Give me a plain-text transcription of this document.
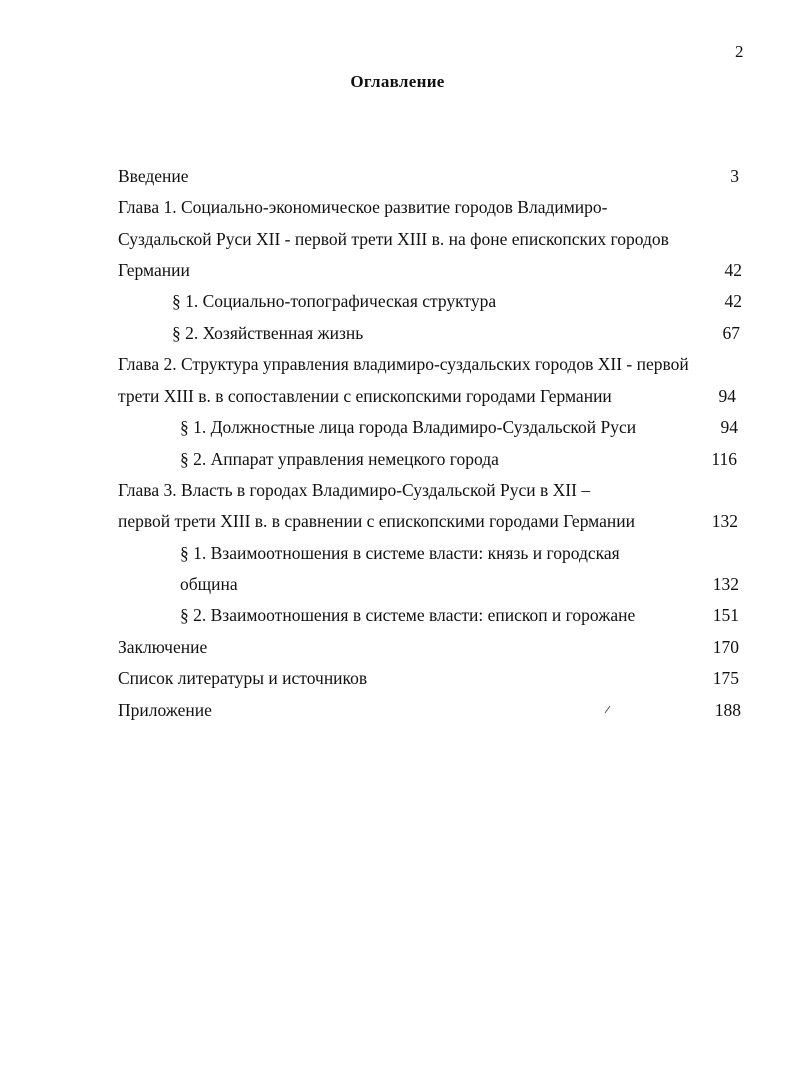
2
Оглавление
Введение	3
Глава 1. Социально-экономическое развитие городов Владимиро-
Суздальской Руси XII - первой трети XIII в. на фоне епископских городов
Германии	42
§ 1. Социально-топографическая структура	42
§ 2. Хозяйственная жизнь	67
Глава 2. Структура управления владимиро-суздальских городов XII - первой
трети XIII в. в сопоставлении с епископскими городами Германии	94
§ 1. Должностные лица города Владимиро-Суздальской Руси	94
§ 2. Аппарат управления немецкого города	116
Глава 3. Власть в городах Владимиро-Суздальской Руси в XII –
первой трети XIII в. в сравнении с епископскими городами Германии	132
§ 1. Взаимоотношения в системе власти: князь и городская
община	132
§ 2. Взаимоотношения в системе власти: епископ и горожане	151
Заключение	170
Список литературы и источников	175
Приложение	188
